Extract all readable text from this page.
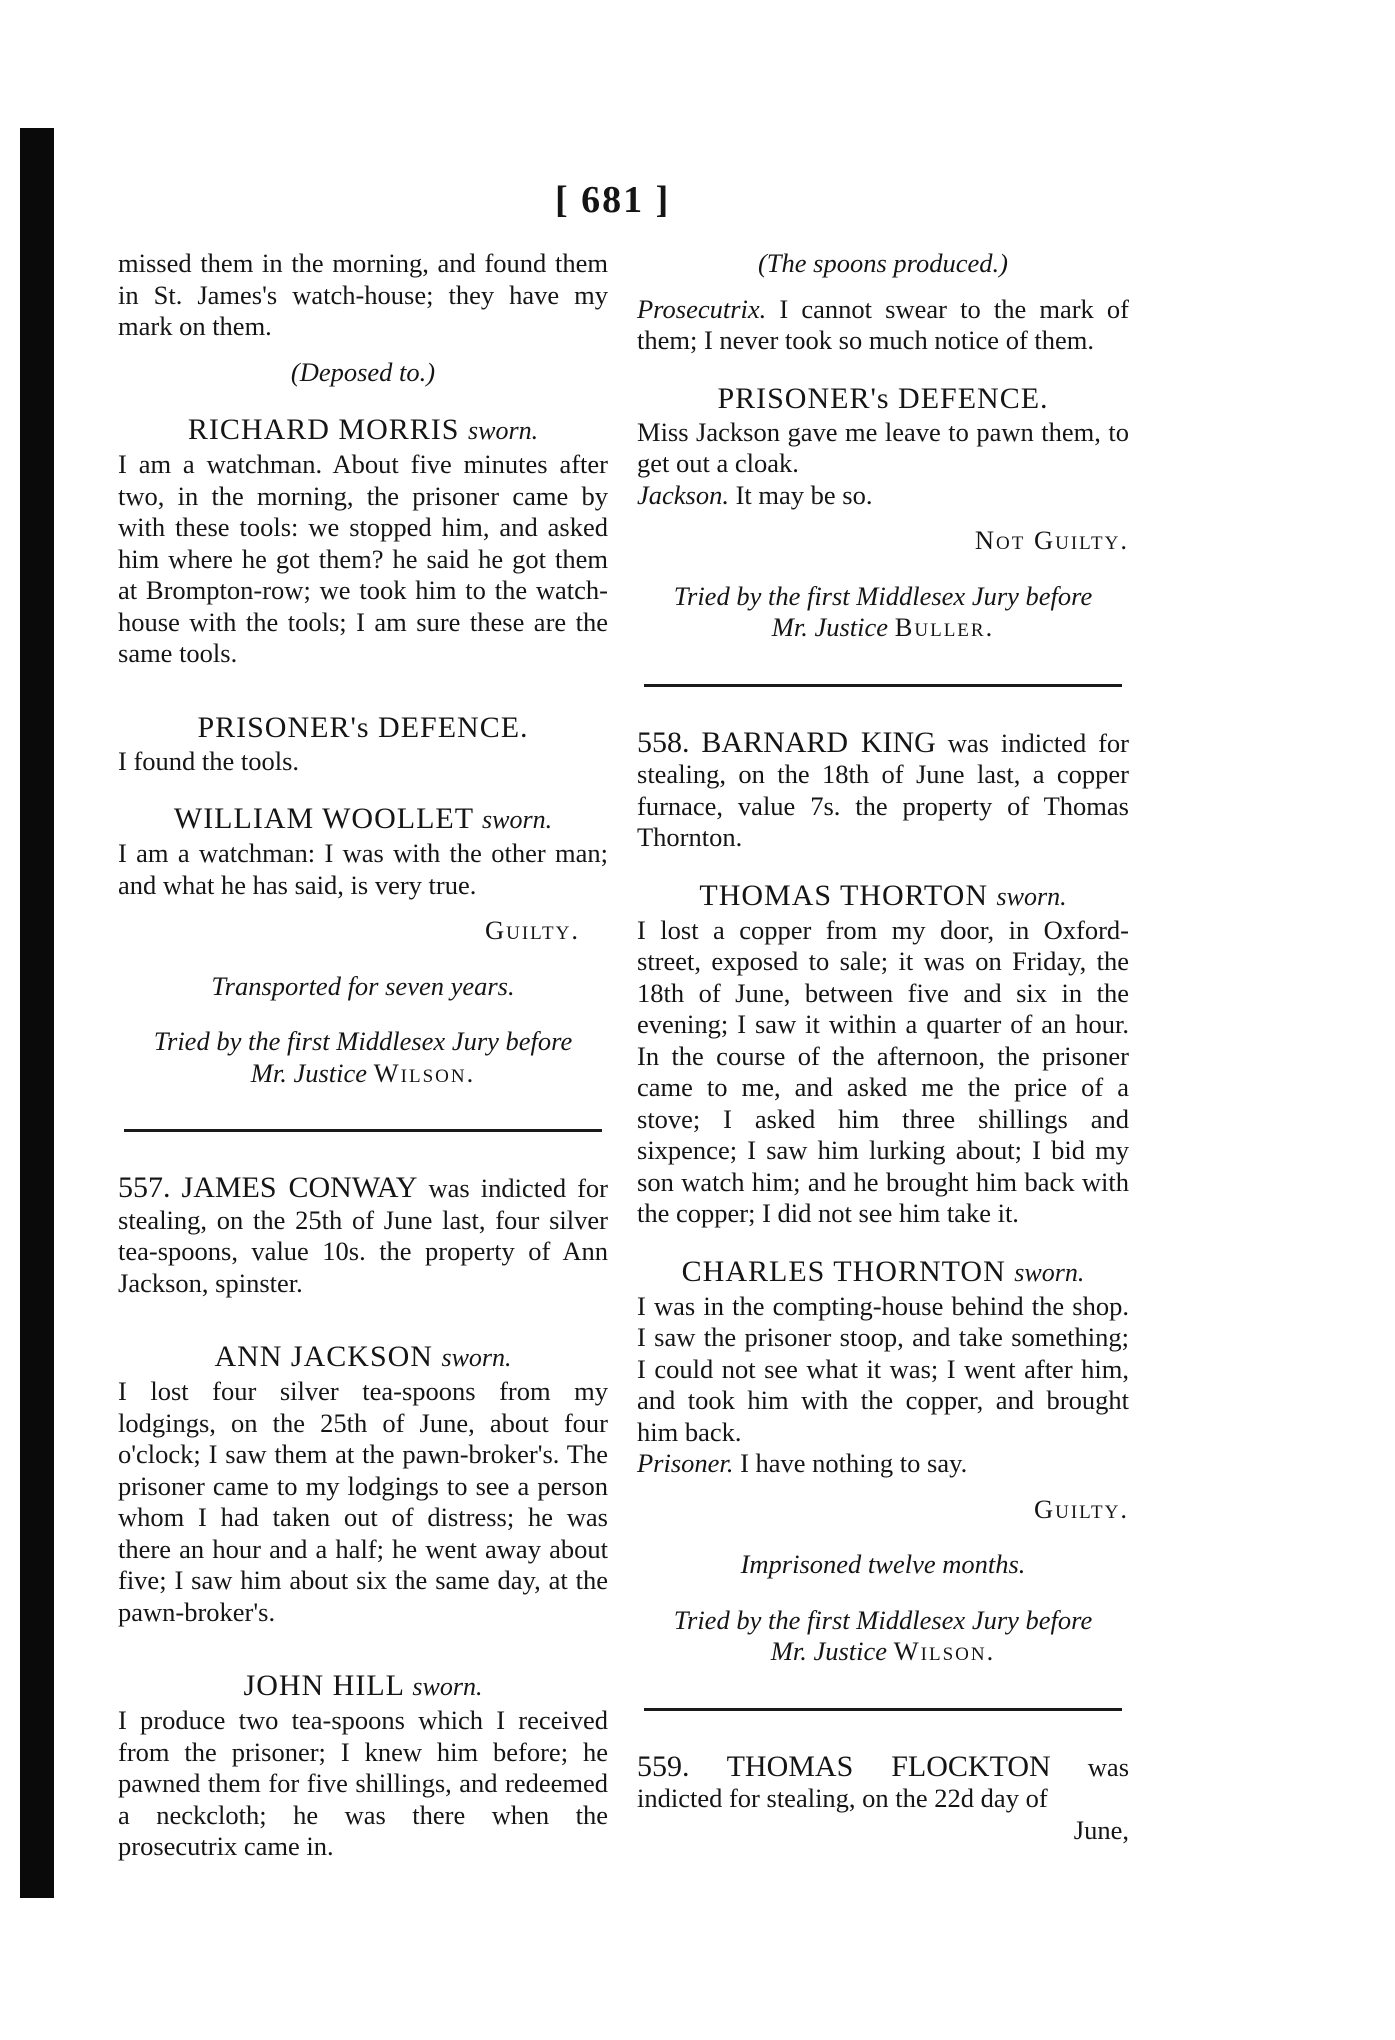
[ 681 ]

missed them in the morning, and found them in St. James's watch-house; they have my mark on them.

(Deposed to.)

RICHARD MORRIS sworn.

I am a watchman. About five minutes after two, in the morning, the prisoner came by with these tools: we stopped him, and asked him where he got them? he said he got them at Brompton-row; we took him to the watch-house with the tools; I am sure these are the same tools.

PRISONER's DEFENCE.

I found the tools.

WILLIAM WOOLLET sworn.

I am a watchman: I was with the other man; and what he has said, is very true.

Guilty.

Transported for seven years.

Tried by the first Middlesex Jury before

Mr. Justice Wilson.

557. JAMES CONWAY was indicted for stealing, on the 25th of June last, four silver tea-spoons, value 10s. the property of Ann Jackson, spinster.

ANN JACKSON sworn.

I lost four silver tea-spoons from my lodgings, on the 25th of June, about four o'clock; I saw them at the pawn-broker's. The prisoner came to my lodgings to see a person whom I had taken out of distress; he was there an hour and a half; he went away about five; I saw him about six the same day, at the pawn-broker's.

JOHN HILL sworn.

I produce two tea-spoons which I received from the prisoner; I knew him before; he pawned them for five shillings, and redeemed a neckcloth; he was there when the prosecutrix came in.

(The spoons produced.)

Prosecutrix. I cannot swear to the mark of them; I never took so much notice of them.

PRISONER's DEFENCE.

Miss Jackson gave me leave to pawn them, to get out a cloak.

Jackson. It may be so.

Not Guilty.

Tried by the first Middlesex Jury before

Mr. Justice Buller.

558. BARNARD KING was indicted for stealing, on the 18th of June last, a copper furnace, value 7s. the property of Thomas Thornton.

THOMAS THORTON sworn.

I lost a copper from my door, in Oxford-street, exposed to sale; it was on Friday, the 18th of June, between five and six in the evening; I saw it within a quarter of an hour. In the course of the afternoon, the prisoner came to me, and asked me the price of a stove; I asked him three shillings and sixpence; I saw him lurking about; I bid my son watch him; and he brought him back with the copper; I did not see him take it.

CHARLES THORNTON sworn.

I was in the compting-house behind the shop. I saw the prisoner stoop, and take something; I could not see what it was; I went after him, and took him with the copper, and brought him back.

Prisoner. I have nothing to say.

Guilty.

Imprisoned twelve months.

Tried by the first Middlesex Jury before

Mr. Justice Wilson.

559. THOMAS FLOCKTON was indicted for stealing, on the 22d day of

June,
